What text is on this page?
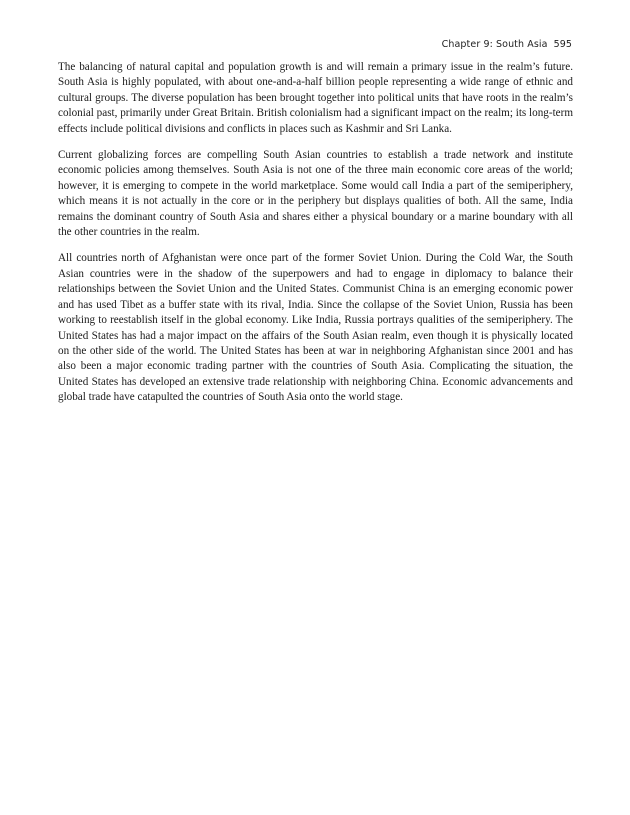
Chapter 9: South Asia 595

The balancing of natural capital and population growth is and will remain a primary issue in the realm’s future. South Asia is highly populated, with about one-and-a-half billion people representing a wide range of ethnic and cultural groups. The diverse population has been brought together into political units that have roots in the realm’s colonial past, primarily under Great Britain. British colonialism had a significant impact on the realm; its long-term effects include political divisions and conflicts in places such as Kashmir and Sri Lanka.

Current globalizing forces are compelling South Asian countries to establish a trade network and institute economic policies among themselves. South Asia is not one of the three main economic core areas of the world; however, it is emerging to compete in the world marketplace. Some would call India a part of the semiperiphery, which means it is not actually in the core or in the periphery but displays qualities of both. All the same, India remains the dominant country of South Asia and shares either a physical boundary or a marine boundary with all the other countries in the realm.

All countries north of Afghanistan were once part of the former Soviet Union. During the Cold War, the South Asian countries were in the shadow of the superpowers and had to engage in diplomacy to balance their relationships between the Soviet Union and the United States. Communist China is an emerging economic power and has used Tibet as a buffer state with its rival, India. Since the collapse of the Soviet Union, Russia has been working to reestablish itself in the global economy. Like India, Russia portrays qualities of the semiperiphery. The United States has had a major impact on the affairs of the South Asian realm, even though it is physically located on the other side of the world. The United States has been at war in neighboring Afghanistan since 2001 and has also been a major economic trading partner with the countries of South Asia. Complicating the situation, the United States has developed an extensive trade relationship with neighboring China. Economic advancements and global trade have catapulted the countries of South Asia onto the world stage.
